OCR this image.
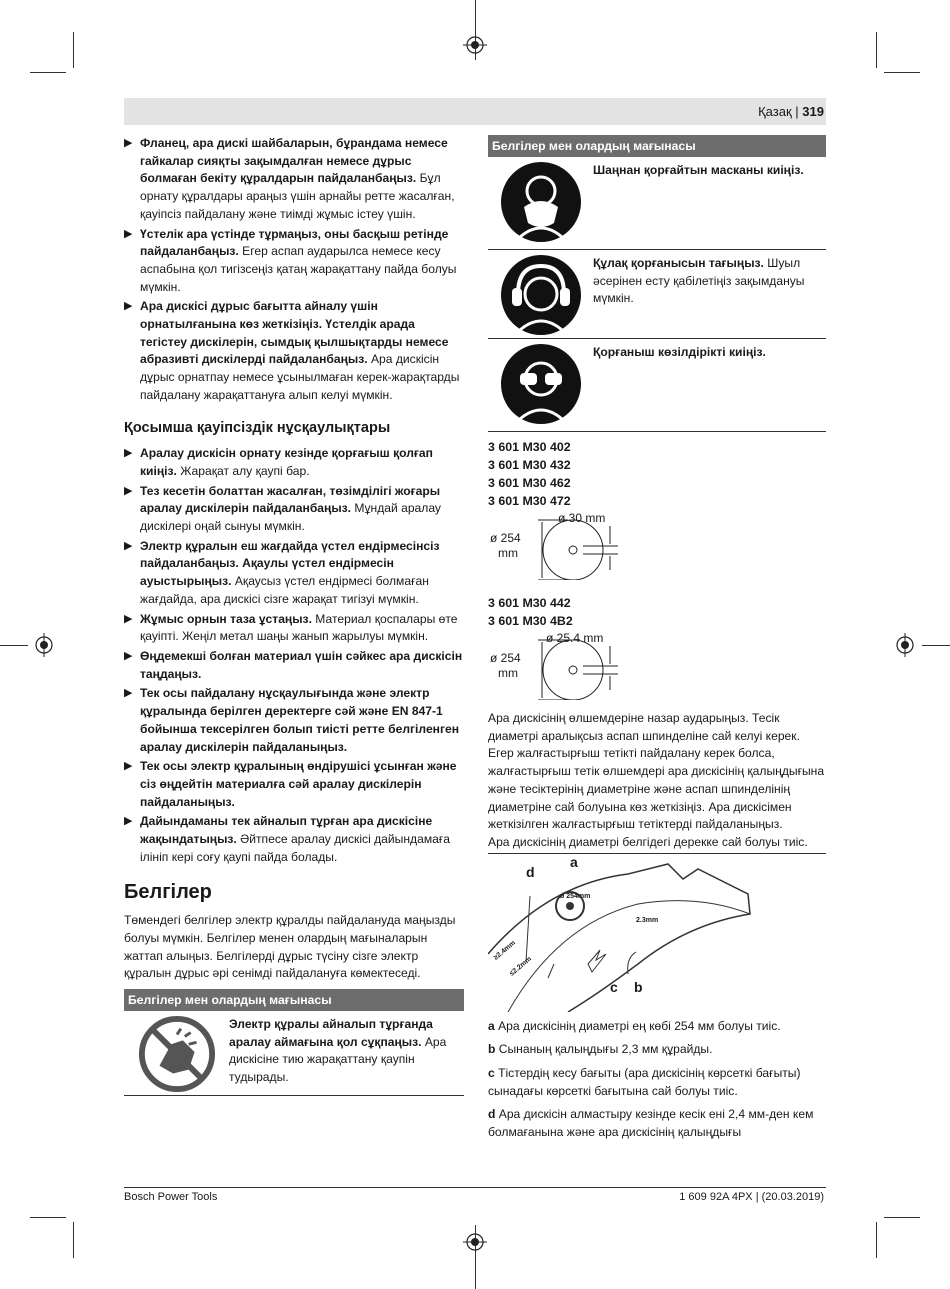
Қазақ | 319
▶ Фланец, ара дискі шайбаларын, бұрандама немесе гайкалар сияқты зақымдалған немесе дұрыс болмаған бекіту құралдарын пайдаланбаңыз. Бұл орнату құралдары араңыз үшін арнайы ретте жасалған, қауіпсіз пайдалану және тиімді жұмыс істеу үшін.
▶ Үстелік ара үстінде тұрмаңыз, оны басқыш ретінде пайдаланбаңыз. Егер аспап аударылса немесе кесу аспабына қол тигізсеңіз қатаң жарақаттану пайда болуы мүмкін.
▶ Ара дискісі дұрыс бағытта айналу үшін орнатылғанына көз жеткізіңіз. Үстелдік арада тегістеу дискілерін, сымдық қылшықтарды немесе абразивті дискілерді пайдаланбаңыз. Ара дискісін дұрыс орнатпау немесе ұсынылмаған керек-жарақтарды пайдалану жарақаттануға алып келуі мүмкін.
Қосымша қауіпсіздік нұсқаулықтары
▶ Аралау дискісін орнату кезінде қорғағыш қолғап киіңіз. Жарақат алу қаупі бар.
▶ Тез кесетін болаттан жасалған, төзімділігі жоғары аралау дискілерін пайдаланбаңыз. Мұндай аралау дискілері оңай сынуы мүмкін.
▶ Электр құралын еш жағдайда үстел ендірмесінсіз пайдаланбаңыз. Ақаулы үстел ендірмесін ауыстырыңыз. Ақаусыз үстел ендірмесі болмаған жағдайда, ара дискісі сізге жарақат тигізуі мүмкін.
▶ Жұмыс орнын таза ұстаңыз. Материал қоспалары өте қауіпті. Жеңіл метал шаңы жанып жарылуы мүмкін.
▶ Өңдемекші болған материал үшін сәйкес ара дискісін таңдаңыз.
▶ Тек осы пайдалану нұсқаулығында және электр құралында берілген деректерге сәй және EN 847-1 бойынша тексерілген болып тиісті ретте белгіленген аралау дискілерін пайдаланыңыз.
▶ Тек осы электр құралының өндірушісі ұсынған және сіз өңдейтін материалға сәй аралау дискілерін пайдаланыңыз.
▶ Дайындаманы тек айналып тұрған ара дискісіне жақындатыңыз. Әйтпесе аралау дискісі дайындамаға ілініп кері соғу қаупі пайда болады.
Белгілер

Төмендегі белгілер электр құралды пайдалануда маңызды болуы мүмкін. Белгілер менен олардың мағыналарын жаттап алыңыз. Белгілерді дұрыс түсіну сізге электр құралын дұрыс әрі сенімді пайдалануға көмектеседі.

Белгілер мен олардың мағынасы
Электр құралы айналып тұрғанда аралау аймағына қол сұқпаңыз. Ара дискісіне тию жарақаттану қаупін тудырады.
Белгілер мен олардың мағынасы
Шаңнан қорғайтын масканы киіңіз.
Құлақ қорғанысын тағыңыз. Шуыл әсерінен есту қабілетіңіз зақымдануы мүмкін.
Қорғаныш көзілдірікті киіңіз.
3 601 M30 402
3 601 M30 432
3 601 M30 462
3 601 M30 472
ø 30 mm
ø 254
mm
3 601 M30 442
3 601 M30 4B2
ø 25.4 mm
ø 254
mm

Ара дискісінің өлшемдеріне назар аударыңыз. Тесік диаметрі аралықсыз аспап шпинделіне сай келуі керек. Егер жалғастырғыш тетікті пайдалану керек болса, жалғастырғыш тетік өлшемдері ара дискісінің қалыңдығына және тесіктерінің диаметріне және аспап шпинделінің диаметріне сай болуына көз жеткізіңіз. Ара дискісімен жеткізілген жалғастырғыш тетіктерді пайдаланыңыз.

Ара дискісінің диаметрі белгідегі дерекке сай болуы тиіс.

a
b
c
d
ø 254mm
2.3mm
≥2.4mm
≤2.2mm

a Ара дискісінің диаметрі ең көбі 254 мм болуы тиіс.

b Сынаның қалыңдығы 2,3 мм құрайды.

c Тістердің кесу бағыты (ара дискісінің көрсеткі бағыты) сынадағы көрсеткі бағытына сай болуы тиіс.

d Ара дискісін алмастыру кезінде кесік ені 2,4 мм-ден кем болмағанына және ара дискісінің қалыңдығы

Bosch Power Tools	1 609 92A 4PX | (20.03.2019)
